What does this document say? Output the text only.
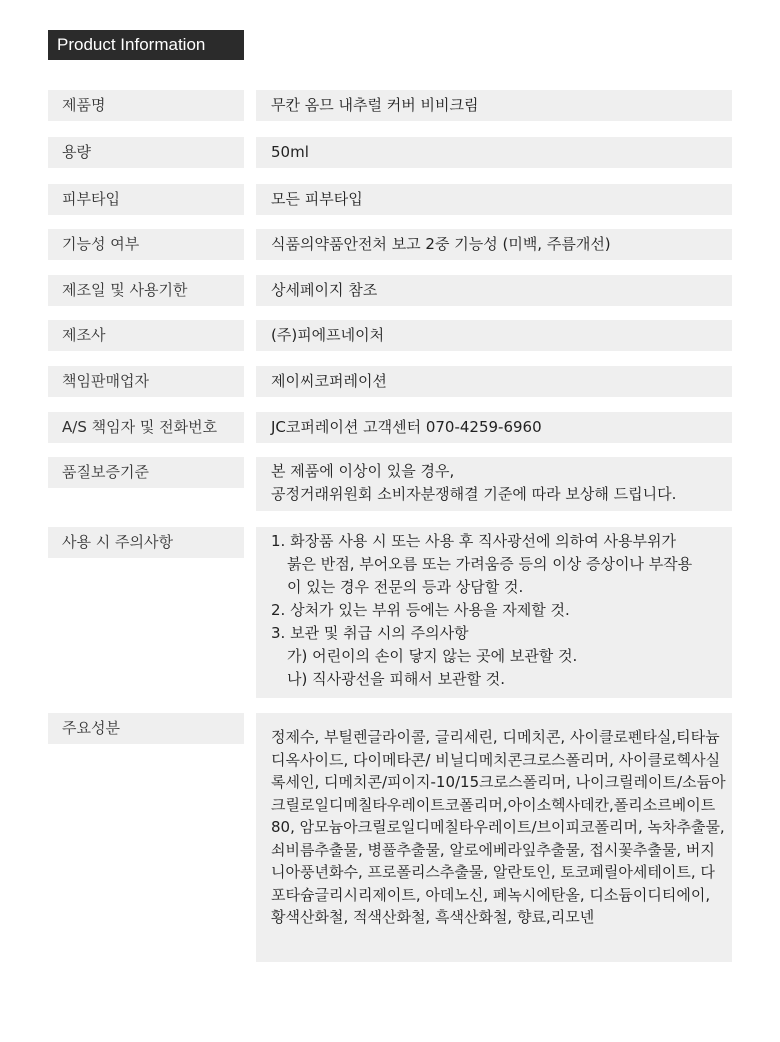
Product Information
제품명	무칸 옴므 내추럴 커버 비비크림
용량	50ml
피부타입	모든 피부타입
기능성 여부	식품의약품안전처 보고 2중 기능성 (미백, 주름개선)
제조일 및 사용기한	상세페이지 참조
제조사	(주)피에프네이처
책임판매업자	제이씨코퍼레이션
A/S 책임자 및 전화번호	JC코퍼레이션 고객센터 070-4259-6960
품질보증기준	본 제품에 이상이 있을 경우,
공정거래위원회 소비자분쟁해결 기준에 따라 보상해 드립니다.
사용 시 주의사항	1. 화장품 사용 시 또는 사용 후 직사광선에 의하여 사용부위가
붉은 반점, 부어오름 또는 가려움증 등의 이상 증상이나 부작용
이 있는 경우 전문의 등과 상담할 것.
2. 상처가 있는 부위 등에는 사용을 자제할 것.
3. 보관 및 취급 시의 주의사항
가) 어린이의 손이 닿지 않는 곳에 보관할 것.
나) 직사광선을 피해서 보관할 것.
주요성분	정제수, 부틸렌글라이콜, 글리세린, 디메치콘, 사이클로펜타실,티타늄디옥사이드, 다이메타콘/ 비닐디메치콘크로스폴리머, 사이클로헥사실록세인, 디메치콘/피이지-10/15크로스폴리머, 나이크릴레이트/소듐아크릴로일디메칠타우레이트코폴리머,아이소헥사데칸,폴리소르베이트80, 암모늄아크릴로일디메칠타우레이트/브이피코폴리머, 녹차추출물, 쇠비름추출물, 병풀추출물, 알로에베라잎추출물, 접시꽃추출물, 버지니아풍년화수, 프로폴리스추출물, 알란토인, 토코페릴아세테이트, 다포타슘글리시리제이트, 아데노신, 페녹시에탄올, 디소듐이디티에이, 황색산화철, 적색산화철, 흑색산화철, 향료,리모넨
